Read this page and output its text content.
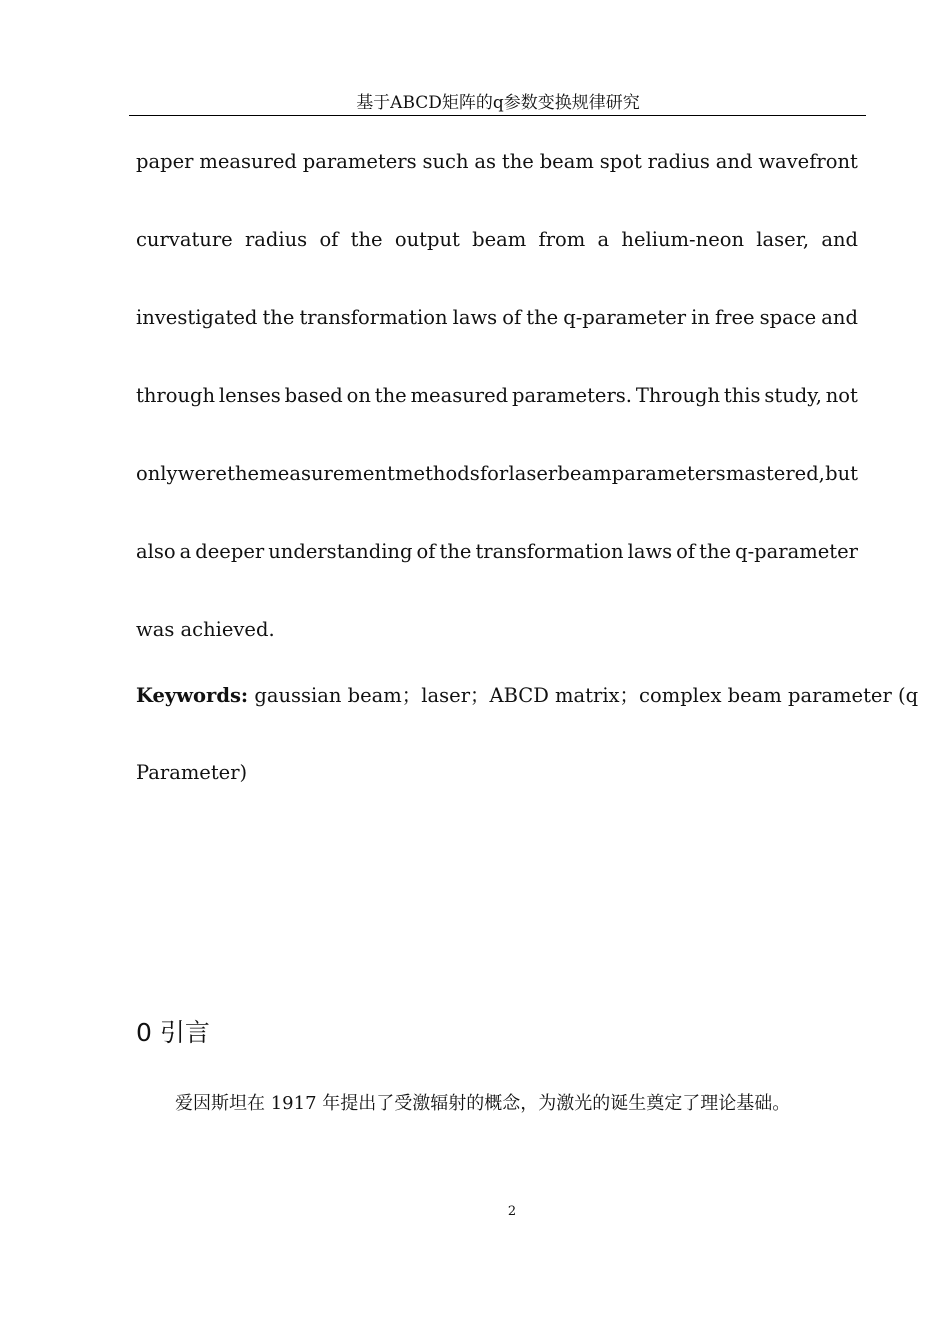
基于ABCD矩阵的q参数变换规律研究
paper measured parameters such as the beam spot radius and wavefront
curvature radius of the output beam from a helium-neon laser, and
investigated the transformation laws of the q-parameter in free space and
through lenses based on the measured parameters. Through this study, not
only were the measurement methods for laser beam parameters mastered, but
also a deeper understanding of the transformation laws of the q-parameter
was achieved.
Keywords: gaussian beam；laser；ABCD matrix；complex beam parameter (q
Parameter)
0 引言
爱因斯坦在 1917 年提出了受激辐射的概念，为激光的诞生奠定了理论基础。
2
